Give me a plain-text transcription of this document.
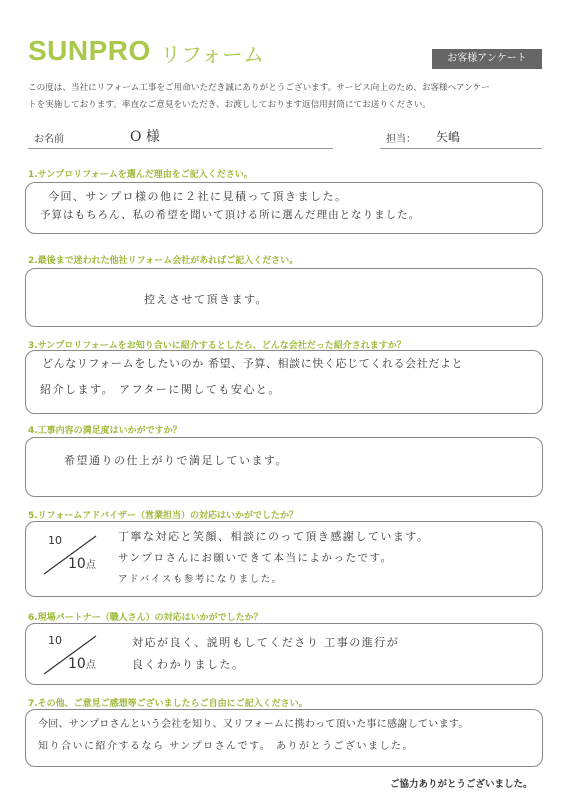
SUNPRO リフォーム	お客様アンケート
この度は、当社にリフォーム工事をご用命いただき誠にありがとうございます。サービス向上のため、お客様へアンケー
トを実施しております。率直なご意見をいただき、お渡ししております返信用封筒にてお送りください。
お名前	O 様	担当： 矢嶋
1.サンプロリフォームを選んだ理由をご記入ください。
今回、サンプロ様の他に２社に見積って頂きました。
予算はもちろん、私の希望を聞いて頂ける所に選んだ理由となりました。
2.最後まで迷われた他社リフォーム会社があればご記入ください。
控えさせて頂きます。
3.サンプロリフォームをお知り合いに紹介するとしたら、どんな会社だった紹介されますか？
どんなリフォームをしたいのか 希望、予算、相談に快く応じてくれる会社だよと
紹介します。 アフターに関しても安心と。
4.工事内容の満足度はいかがですか？
希望通りの仕上がりで満足しています。
5.リフォームアドバイザー（営業担当）の対応はいかがでしたか？
10
10点
丁寧な対応と笑顔、相談にのって頂き感謝しています。
サンプロさんにお願いできて本当によかったです。
アドバイスも参考になりました。
6.現場パートナー（職人さん）の対応はいかがでしたか？
10
10点
対応が良く、説明もしてくださり 工事の進行が
良くわかりました。
7.その他、ご意見ご感想等ございましたらご自由にご記入ください。
今回、サンプロさんという会社を知り、又リフォームに携わって頂いた事に感謝しています。
知り合いに紹介するなら サンプロさんです。 ありがとうございました。
ご協力ありがとうございました。
